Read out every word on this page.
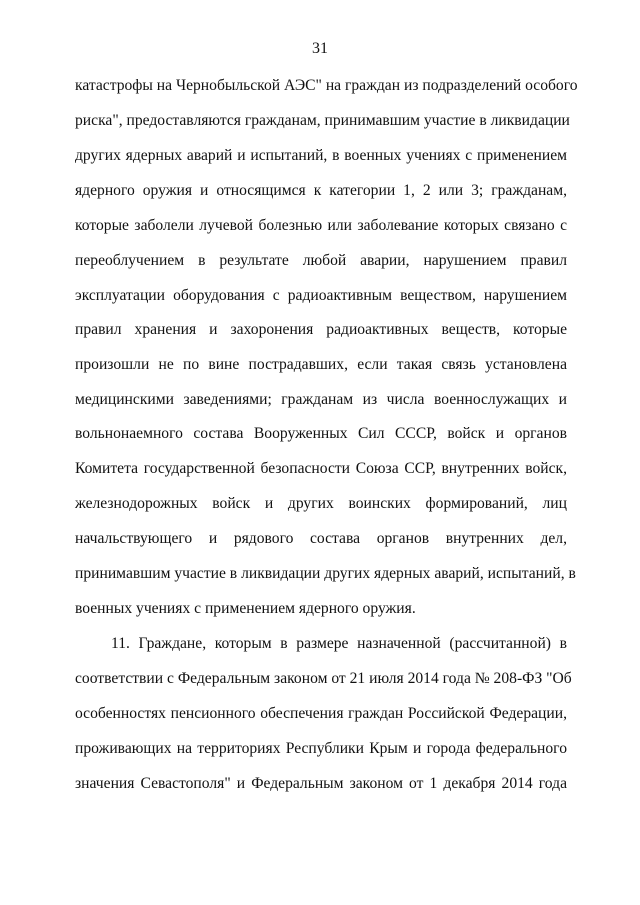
31
катастрофы на Чернобыльской АЭС" на граждан из подразделений особого
риска", предоставляются гражданам, принимавшим участие в ликвидации
других ядерных аварий и испытаний, в военных учениях с применением
ядерного оружия и относящимся к категории 1, 2 или 3; гражданам,
которые заболели лучевой болезнью или заболевание которых связано с
переоблучением в результате любой аварии, нарушением правил
эксплуатации оборудования с радиоактивным веществом, нарушением
правил хранения и захоронения радиоактивных веществ, которые
произошли не по вине пострадавших, если такая связь установлена
медицинскими заведениями; гражданам из числа военнослужащих и
вольнонаемного состава Вооруженных Сил СССР, войск и органов
Комитета государственной безопасности Союза ССР, внутренних войск,
железнодорожных войск и других воинских формирований, лиц
начальствующего и рядового состава органов внутренних дел,
принимавшим участие в ликвидации других ядерных аварий, испытаний, в
военных учениях с применением ядерного оружия.
11. Граждане, которым в размере назначенной (рассчитанной) в
соответствии с Федеральным законом от 21 июля 2014 года № 208-ФЗ "Об
особенностях пенсионного обеспечения граждан Российской Федерации,
проживающих на территориях Республики Крым и города федерального
значения Севастополя" и Федеральным законом от 1 декабря 2014 года
